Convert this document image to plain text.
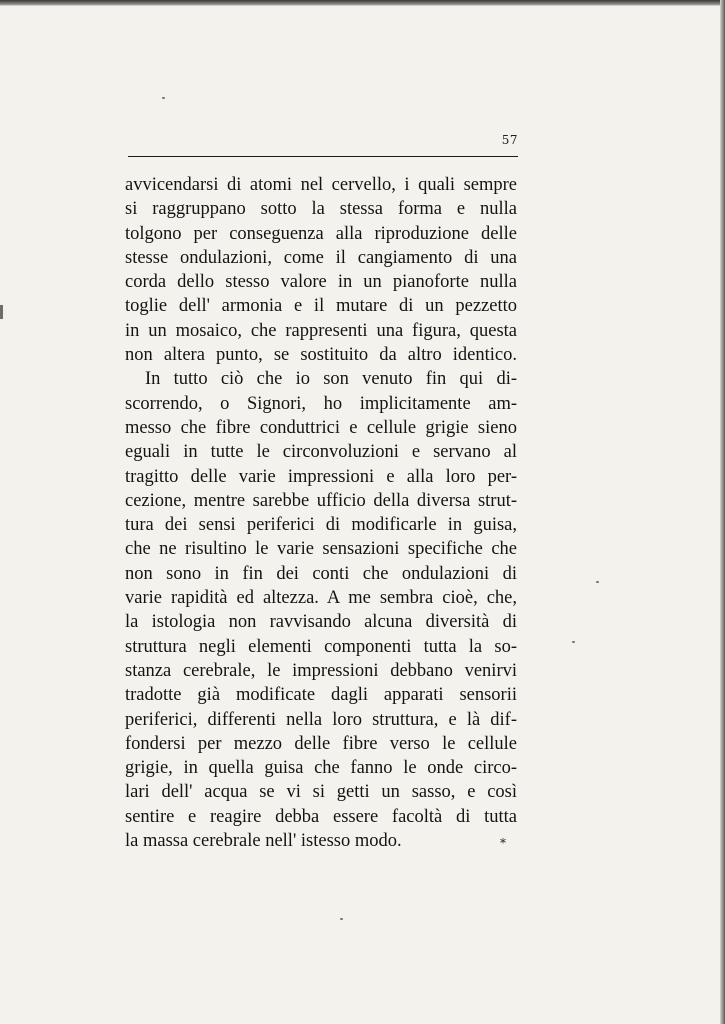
57
avvicendarsi di atomi nel cervello, i quali sempre
si raggruppano sotto la stessa forma e nulla
tolgono per conseguenza alla riproduzione delle
stesse ondulazioni, come il cangiamento di una
corda dello stesso valore in un pianoforte nulla
toglie dell' armonia e il mutare di un pezzetto
in un mosaico, che rappresenti una figura, questa
non altera punto, se sostituito da altro identico.
In tutto ciò che io son venuto fin qui di-
scorrendo, o Signori, ho implicitamente am-
messo che fibre conduttrici e cellule grigie sieno
eguali in tutte le circonvoluzioni e servano al
tragitto delle varie impressioni e alla loro per-
cezione, mentre sarebbe ufficio della diversa strut-
tura dei sensi periferici di modificarle in guisa,
che ne risultino le varie sensazioni specifiche che
non sono in fin dei conti che ondulazioni di
varie rapidità ed altezza. A me sembra cioè, che,
la istologia non ravvisando alcuna diversità di
struttura negli elementi componenti tutta la so-
stanza cerebrale, le impressioni debbano venirvi
tradotte già modificate dagli apparati sensorii
periferici, differenti nella loro struttura, e là dif-
fondersi per mezzo delle fibre verso le cellule
grigie, in quella guisa che fanno le onde circo-
lari dell' acqua se vi si getti un sasso, e così
sentire e reagire debba essere facoltà di tutta
la massa cerebrale nell' istesso modo.	*
